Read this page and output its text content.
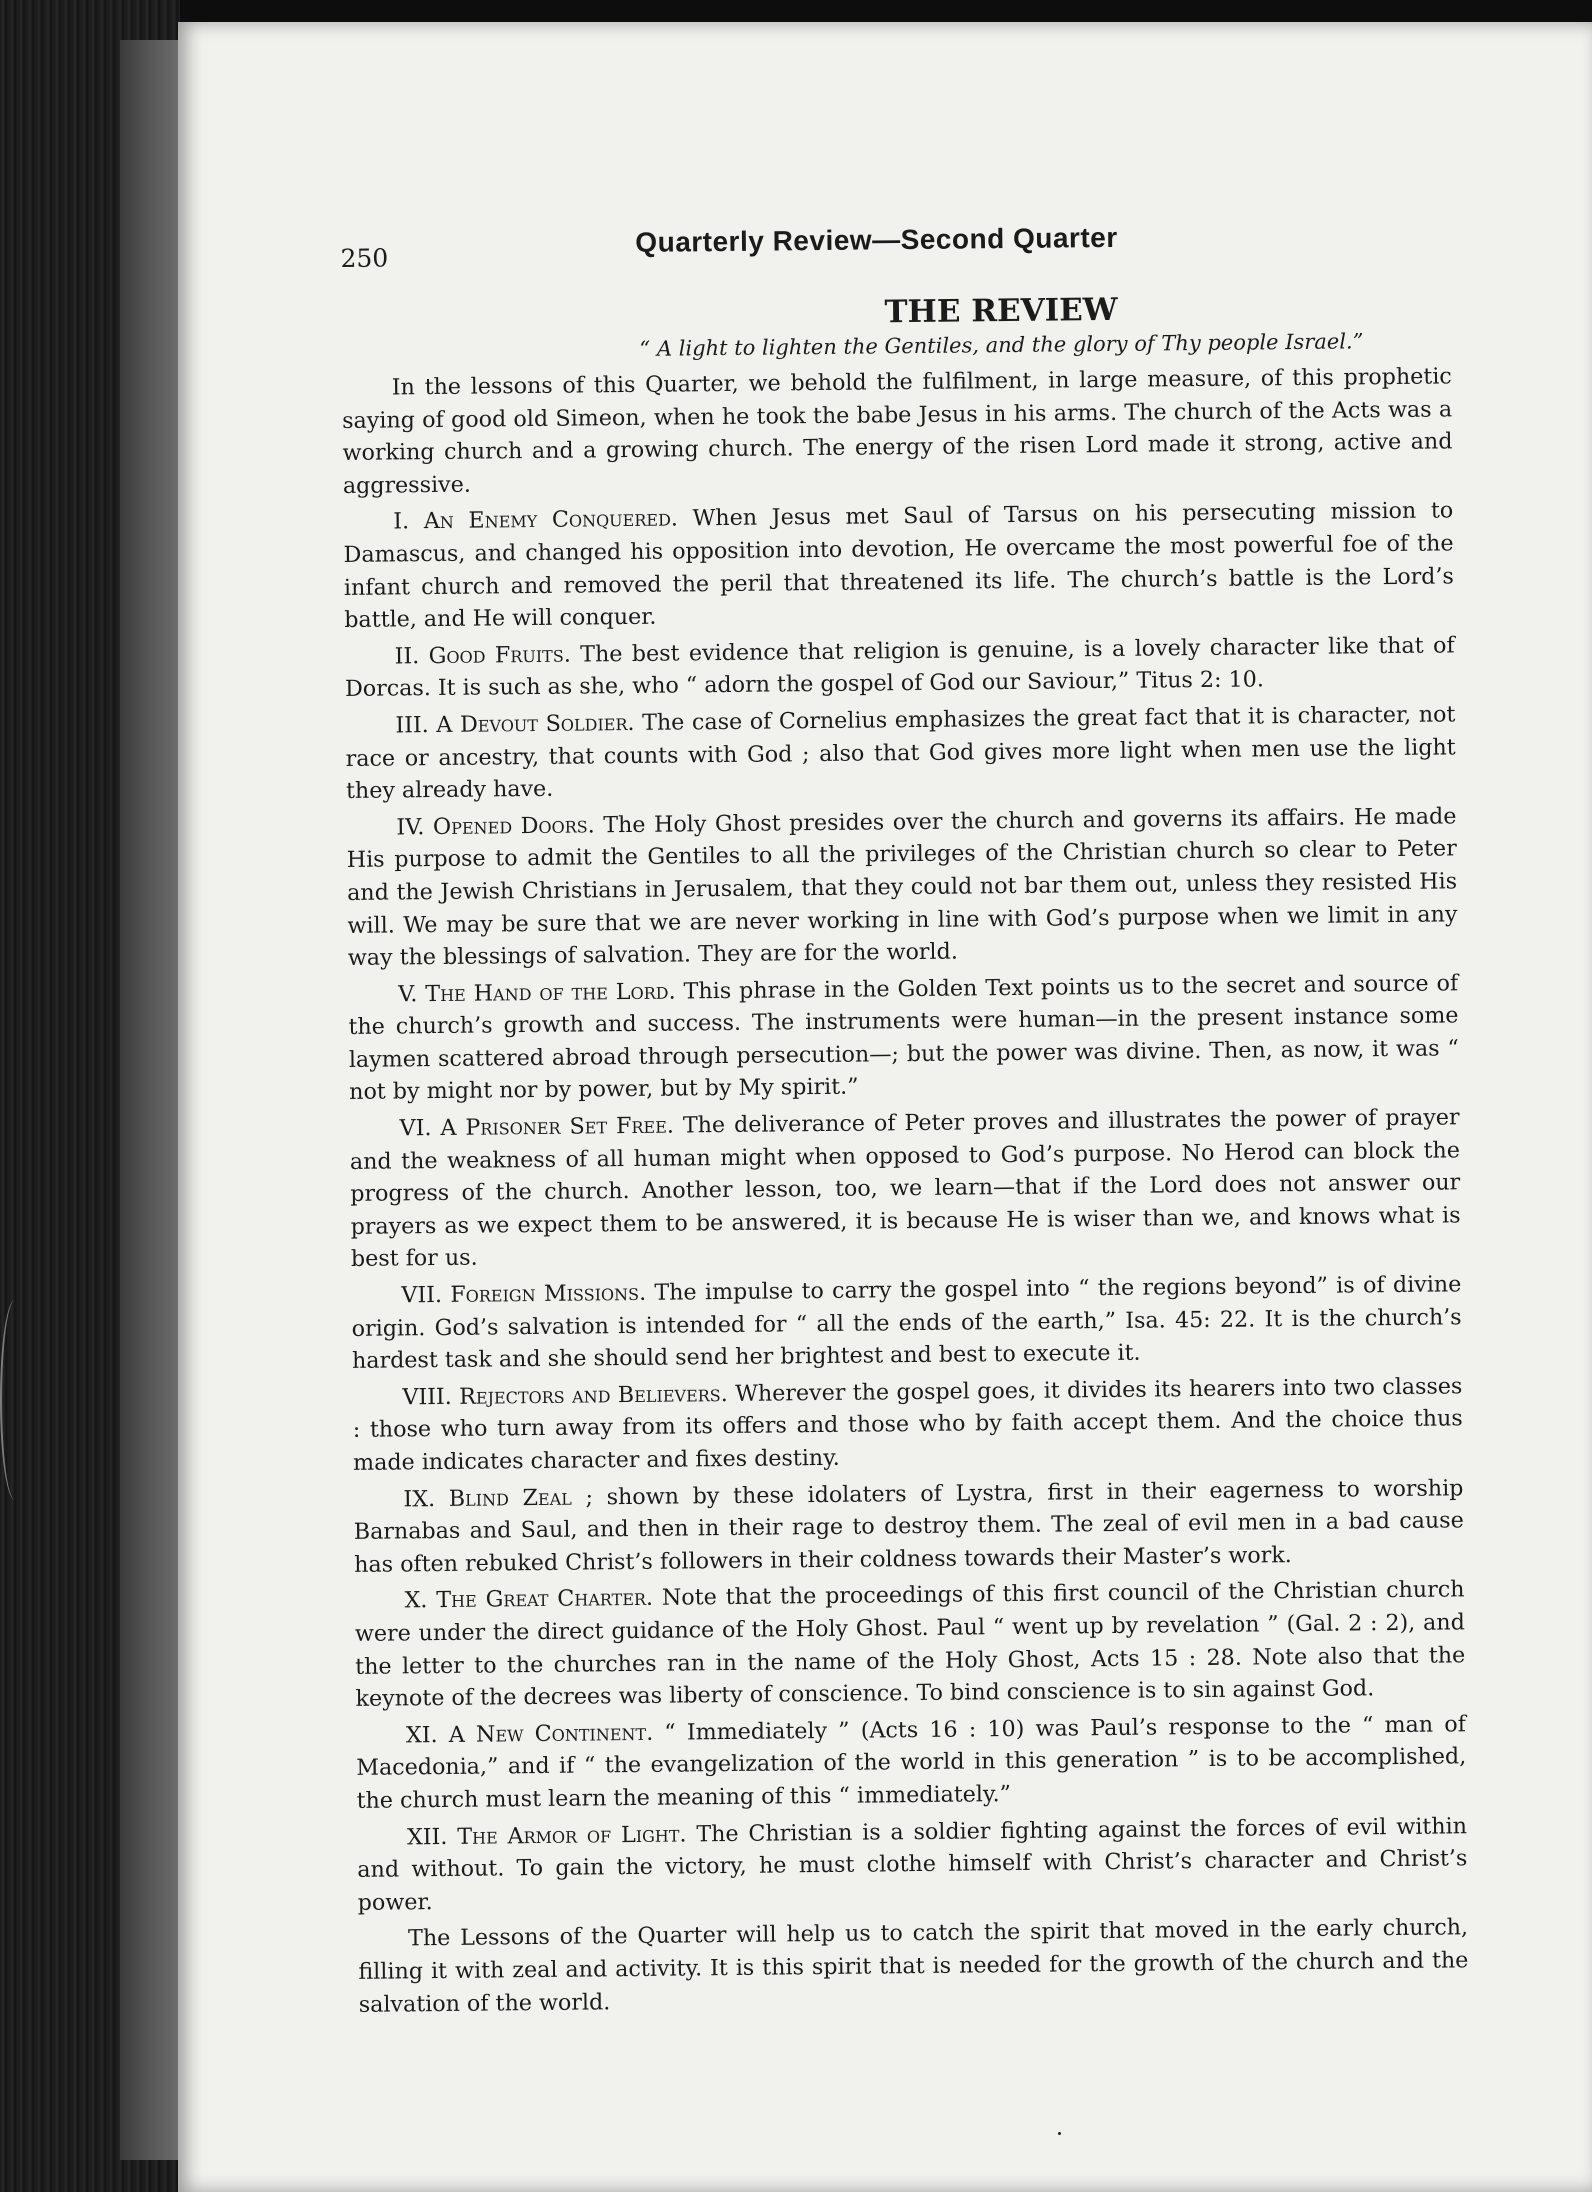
250
Quarterly Review—Second Quarter
THE REVIEW
“ A light to lighten the Gentiles, and the glory of Thy people Israel.”

In the lessons of this Quarter, we behold the fulfilment, in large measure, of this prophetic saying of good old Simeon, when he took the babe Jesus in his arms. The church of the Acts was a working church and a growing church. The energy of the risen Lord made it strong, active and aggressive.

I. An Enemy Conquered. When Jesus met Saul of Tarsus on his persecuting mission to Damascus, and changed his opposition into devotion, He overcame the most powerful foe of the infant church and removed the peril that threatened its life. The church’s battle is the Lord’s battle, and He will conquer.

II. Good Fruits. The best evidence that religion is genuine, is a lovely character like that of Dorcas. It is such as she, who “ adorn the gospel of God our Saviour,” Titus 2: 10.

III. A Devout Soldier. The case of Cornelius emphasizes the great fact that it is character, not race or ancestry, that counts with God ; also that God gives more light when men use the light they already have.

IV. Opened Doors. The Holy Ghost presides over the church and governs its affairs. He made His purpose to admit the Gentiles to all the privileges of the Christian church so clear to Peter and the Jewish Christians in Jerusalem, that they could not bar them out, unless they resisted His will. We may be sure that we are never working in line with God’s purpose when we limit in any way the blessings of salvation. They are for the world.

V. The Hand of the Lord. This phrase in the Golden Text points us to the secret and source of the church’s growth and success. The instruments were human—in the present instance some laymen scattered abroad through persecution—; but the power was divine. Then, as now, it was “ not by might nor by power, but by My spirit.”

VI. A Prisoner Set Free. The deliverance of Peter proves and illustrates the power of prayer and the weakness of all human might when opposed to God’s purpose. No Herod can block the progress of the church. Another lesson, too, we learn—that if the Lord does not answer our prayers as we expect them to be answered, it is because He is wiser than we, and knows what is best for us.

VII. Foreign Missions. The impulse to carry the gospel into “ the regions beyond” is of divine origin. God’s salvation is intended for “ all the ends of the earth,” Isa. 45: 22. It is the church’s hardest task and she should send her brightest and best to execute it.

VIII. Rejectors and Believers. Wherever the gospel goes, it divides its hearers into two classes : those who turn away from its offers and those who by faith accept them. And the choice thus made indicates character and fixes destiny.

IX. Blind Zeal ; shown by these idolaters of Lystra, first in their eagerness to worship Barnabas and Saul, and then in their rage to destroy them. The zeal of evil men in a bad cause has often rebuked Christ’s followers in their coldness towards their Master’s work.

X. The Great Charter. Note that the proceedings of this first council of the Christian church were under the direct guidance of the Holy Ghost. Paul “ went up by revelation ” (Gal. 2 : 2), and the letter to the churches ran in the name of the Holy Ghost, Acts 15 : 28. Note also that the keynote of the decrees was liberty of conscience. To bind conscience is to sin against God.

XI. A New Continent. “ Immediately ” (Acts 16 : 10) was Paul’s response to the “ man of Macedonia,” and if “ the evangelization of the world in this generation ” is to be accomplished, the church must learn the meaning of this “ immediately.”

XII. The Armor of Light. The Christian is a soldier fighting against the forces of evil within and without. To gain the victory, he must clothe himself with Christ’s character and Christ’s power.

The Lessons of the Quarter will help us to catch the spirit that moved in the early church, filling it with zeal and activity. It is this spirit that is needed for the growth of the church and the salvation of the world.
